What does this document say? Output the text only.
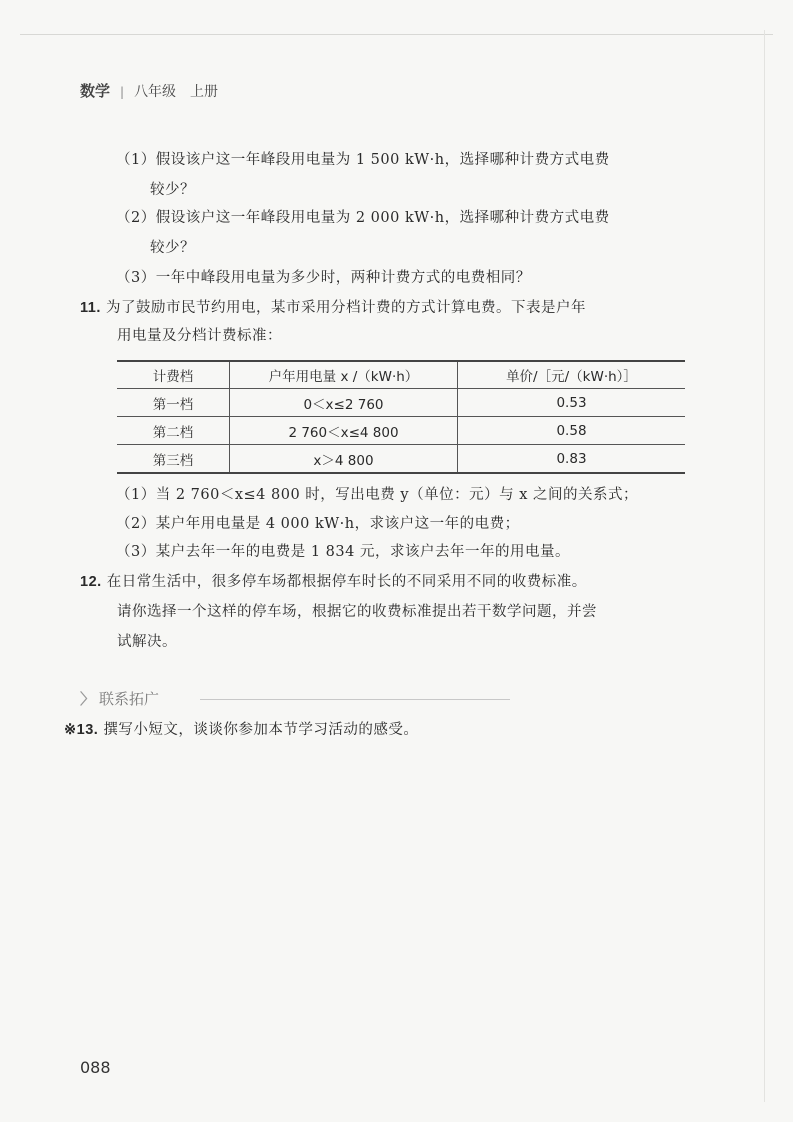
数学 | 八年级　上册
（1）假设该户这一年峰段用电量为 1 500 kW·h，选择哪种计费方式电费
较少？
（2）假设该户这一年峰段用电量为 2 000 kW·h，选择哪种计费方式电费
较少？
（3）一年中峰段用电量为多少时，两种计费方式的电费相同？
11. 为了鼓励市民节约用电，某市采用分档计费的方式计算电费。下表是户年
用电量及分档计费标准：
计费档	户年用电量 x /（kW·h）	单价/［元/（kW·h）］
第一档	0＜x≤2 760	0.53
第二档	2 760＜x≤4 800	0.58
第三档	x＞4 800	0.83
（1）当 2 760＜x≤4 800 时，写出电费 y（单位：元）与 x 之间的关系式；
（2）某户年用电量是 4 000 kW·h，求该户这一年的电费；
（3）某户去年一年的电费是 1 834 元，求该户去年一年的用电量。
12. 在日常生活中，很多停车场都根据停车时长的不同采用不同的收费标准。
请你选择一个这样的停车场，根据它的收费标准提出若干数学问题，并尝
试解决。
〉 联系拓广
※13. 撰写小短文，谈谈你参加本节学习活动的感受。
088
